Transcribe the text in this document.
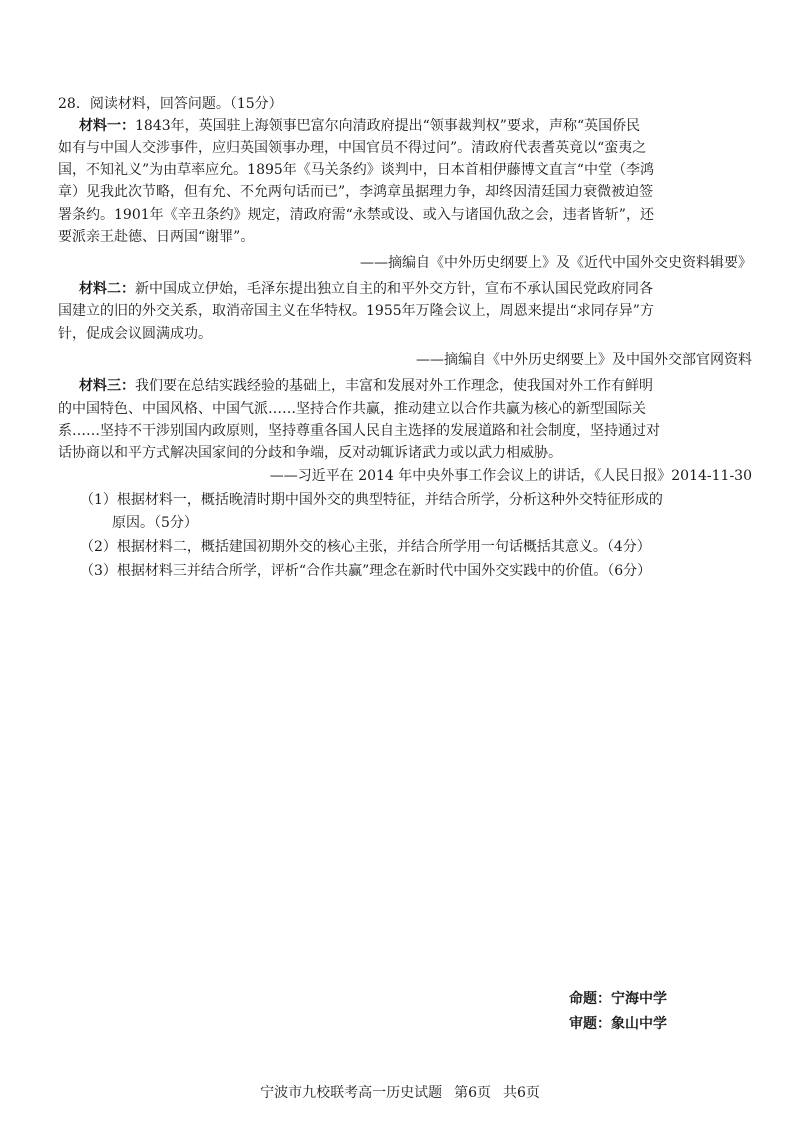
28．阅读材料，回答问题。（15分）
材料一：1843年，英国驻上海领事巴富尔向清政府提出“领事裁判权”要求，声称“英国侨民
如有与中国人交涉事件，应归英国领事办理，中国官员不得过问”。清政府代表耆英竟以“蛮夷之
国，不知礼义”为由草率应允。1895年《马关条约》谈判中，日本首相伊藤博文直言“中堂（李鸿
章）见我此次节略，但有允、不允两句话而已”，李鸿章虽据理力争，却终因清廷国力衰微被迫签
署条约。1901年《辛丑条约》规定，清政府需“永禁或设、或入与诸国仇敌之会，违者皆斩”，还
要派亲王赴德、日两国“谢罪”。
——摘编自《中外历史纲要上》及《近代中国外交史资料辑要》
材料二：新中国成立伊始，毛泽东提出独立自主的和平外交方针，宣布不承认国民党政府同各
国建立的旧的外交关系，取消帝国主义在华特权。1955年万隆会议上，周恩来提出“求同存异”方
针，促成会议圆满成功。
——摘编自《中外历史纲要上》及中国外交部官网资料
材料三：我们要在总结实践经验的基础上，丰富和发展对外工作理念，使我国对外工作有鲜明
的中国特色、中国风格、中国气派……坚持合作共赢，推动建立以合作共赢为核心的新型国际关
系……坚持不干涉别国内政原则，坚持尊重各国人民自主选择的发展道路和社会制度，坚持通过对
话协商以和平方式解决国家间的分歧和争端，反对动辄诉诸武力或以武力相威胁。
——习近平在 2014 年中央外事工作会议上的讲话，《人民日报》2014-11-30
（1）根据材料一，概括晚清时期中国外交的典型特征，并结合所学，分析这种外交特征形成的
原因。（5分）
（2）根据材料二，概括建国初期外交的核心主张，并结合所学用一句话概括其意义。（4分）
（3）根据材料三并结合所学，评析“合作共赢”理念在新时代中国外交实践中的价值。（6分）
命题：宁海中学
审题：象山中学
宁波市九校联考高一历史试题 第6页 共6页
